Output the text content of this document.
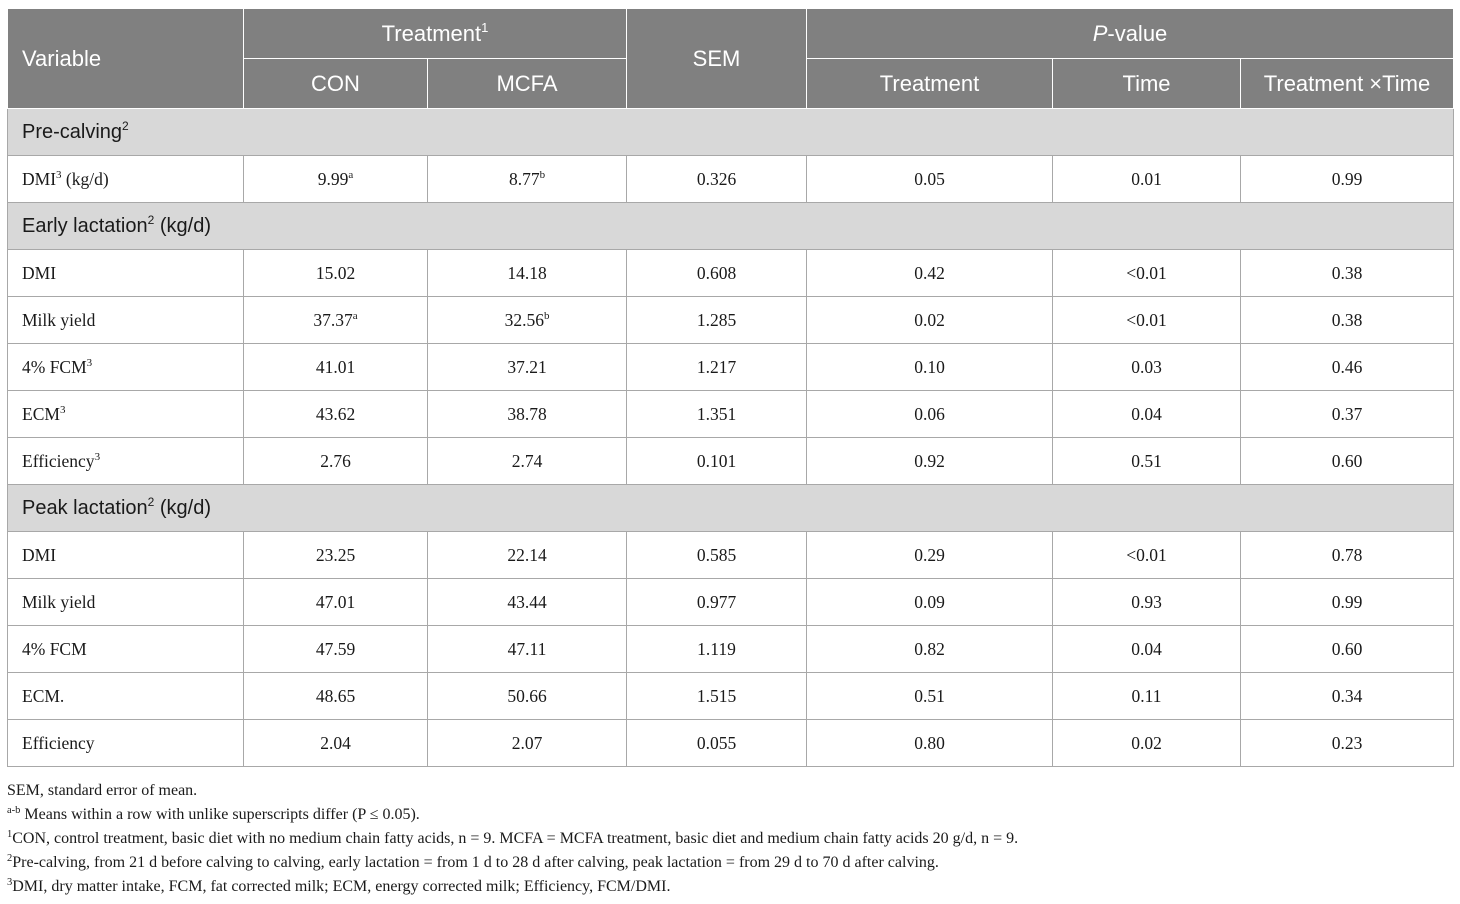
Variable	Treatment$^1$		SEM	P-value		
	CON	MCFA		Treatment	Time	Treatment ×Time
Pre-calving$^2$
DMI$^3$ (kg/d)	9.99$^a$	8.77$^b$	0.326	0.05	0.01	0.99
Early lactation$^2$ (kg/d)						
DMI	15.02	14.18	0.608	0.42	<0.01	0.38
Milk yield	37.37$^a$	32.56$^b$	1.285	0.02	<0.01	0.38
4% FCM$^3$	41.01	37.21	1.217	0.10	0.03	0.46
ECM$^3$	43.62	38.78	1.351	0.06	0.04	0.37
Efficiency$^3$	2.76	2.74	0.101	0.92	0.51	0.60
Peak lactation$^2$ (kg/d)						
DMI	23.25	22.14	0.585	0.29	<0.01	0.78
Milk yield	47.01	43.44	0.977	0.09	0.93	0.99
4% FCM	47.59	47.11	1.119	0.82	0.04	0.60
ECM.	48.65	50.66	1.515	0.51	0.11	0.34
Efficiency	2.04	2.07	0.055	0.80	0.02	0.23
SEM, standard error of mean.
$^{a-b}$ Means within a row with unlike superscripts differ (P ≤ 0.05).
$^1$CON, control treatment, basic diet with no medium chain fatty acids, n = 9. MCFA = MCFA treatment, basic diet and medium chain fatty acids 20 g/d, n = 9.
$^2$Pre-calving, from 21 d before calving to calving, early lactation = from 1 d to 28 d after calving, peak lactation = from 29 d to 70 d after calving.
$^3$DMI, dry matter intake, FCM, fat corrected milk; ECM, energy corrected milk; Efficiency, FCM/DMI.
